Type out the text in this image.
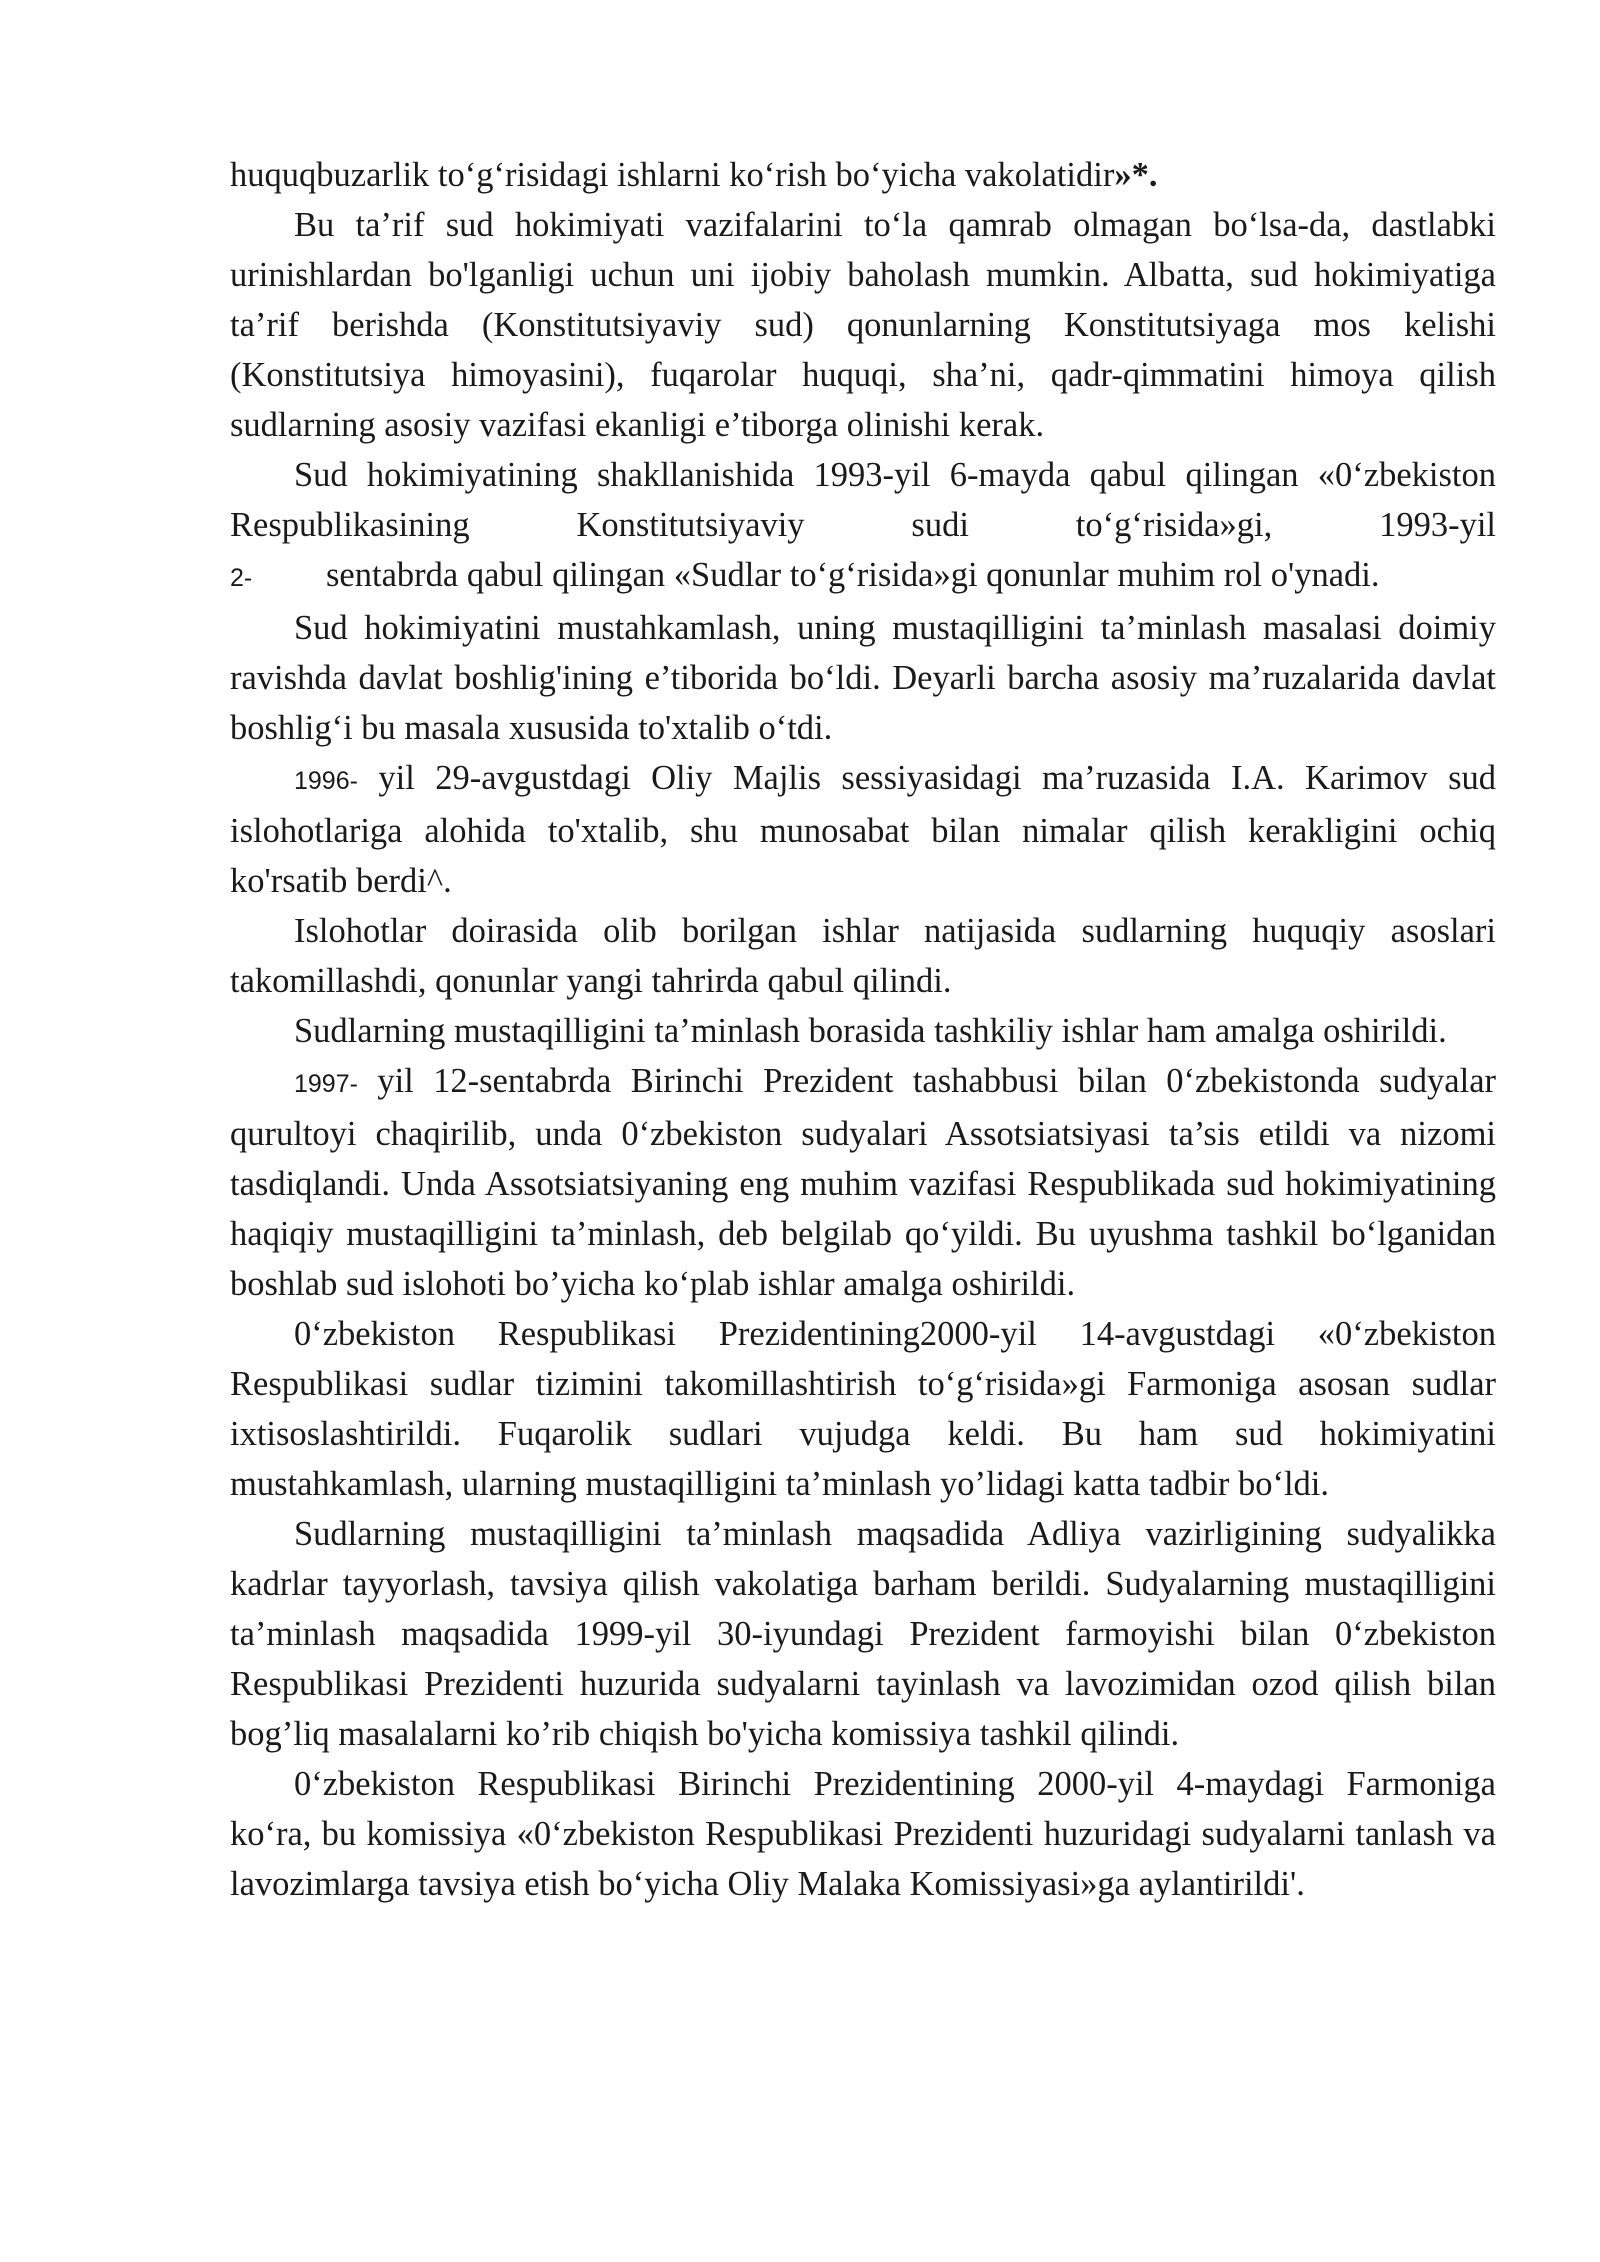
huquqbuzarlik to‘g‘risidagi ishlarni ko‘rish bo‘yicha vakolatidir»*.

Bu ta’rif sud hokimiyati vazifalarini to‘la qamrab olmagan bo‘lsa-da, dastlabki urinishlardan bo'lganligi uchun uni ijobiy baholash mumkin. Albatta, sud hokimiyatiga ta’rif berishda (Konstitutsiyaviy sud) qonunlarning Konstitutsiyaga mos kelishi (Konstitutsiya himoyasini), fuqarolar huquqi, sha’ni, qadr-qimmatini himoya qilish sudlarning asosiy vazifasi ekanligi e’tiborga olinishi kerak.

Sud hokimiyatining shakllanishida 1993-yil 6-mayda qabul qilingan «0‘zbekiston Respublikasining Konstitutsiyaviy sudi to‘g‘risida»gi, 1993-yil

2-	sentabrda qabul qilingan «Sudlar to‘g‘risida»gi qonunlar muhim rol o'ynadi.

Sud hokimiyatini mustahkamlash, uning mustaqilligini ta’minlash masalasi doimiy ravishda davlat boshlig'ining e’tiborida bo‘ldi. Deyarli barcha asosiy ma’ruzalarida davlat boshlig‘i bu masala xususida to'xtalib o‘tdi.

1996- yil 29-avgustdagi Oliy Majlis sessiyasidagi ma’ruzasida I.A. Karimov sud islohotlariga alohida to'xtalib, shu munosabat bilan nimalar qilish kerakligini ochiq ko'rsatib berdi^.

Islohotlar doirasida olib borilgan ishlar natijasida sudlarning huquqiy asoslari takomillashdi, qonunlar yangi tahrirda qabul qilindi.

Sudlarning mustaqilligini ta’minlash borasida tashkiliy ishlar ham amalga oshirildi.

1997- yil 12-sentabrda Birinchi Prezident tashabbusi bilan 0‘zbekistonda sudyalar qurultoyi chaqirilib, unda 0‘zbekiston sudyalari Assotsiatsiyasi ta’sis etildi va nizomi tasdiqlandi. Unda Assotsiatsiyaning eng muhim vazifasi Respublikada sud hokimiyatining haqiqiy mustaqilligini ta’minlash, deb belgilab qo‘yildi. Bu uyushma tashkil bo‘lganidan boshlab sud islohoti bo’yicha ko‘plab ishlar amalga oshirildi.

0‘zbekiston Respublikasi Prezidentining2000-yil 14-avgustdagi «0‘zbekiston Respublikasi sudlar tizimini takomillashtirish to‘g‘risida»gi Farmoniga asosan sudlar ixtisoslashtirildi. Fuqarolik sudlari vujudga keldi. Bu ham sud hokimiyatini mustahkamlash, ularning mustaqilligini ta’minlash yo’lidagi katta tadbir bo‘ldi.

Sudlarning mustaqilligini ta’minlash maqsadida Adliya vazirligining sudyalikka kadrlar tayyorlash, tavsiya qilish vakolatiga barham berildi. Sudyalarning mustaqilligini ta’minlash maqsadida 1999-yil 30-iyundagi Prezident farmoyishi bilan 0‘zbekiston Respublikasi Prezidenti huzurida sudyalarni tayinlash va lavozimidan ozod qilish bilan bog’liq masalalarni ko’rib chiqish bo'yicha komissiya tashkil qilindi.

0‘zbekiston Respublikasi Birinchi Prezidentining 2000-yil 4-maydagi Farmoniga ko‘ra, bu komissiya «0‘zbekiston Respublikasi Prezidenti huzuridagi sudyalarni tanlash va lavozimlarga tavsiya etish bo‘yicha Oliy Malaka Komissiyasi»ga aylantirildi'.
